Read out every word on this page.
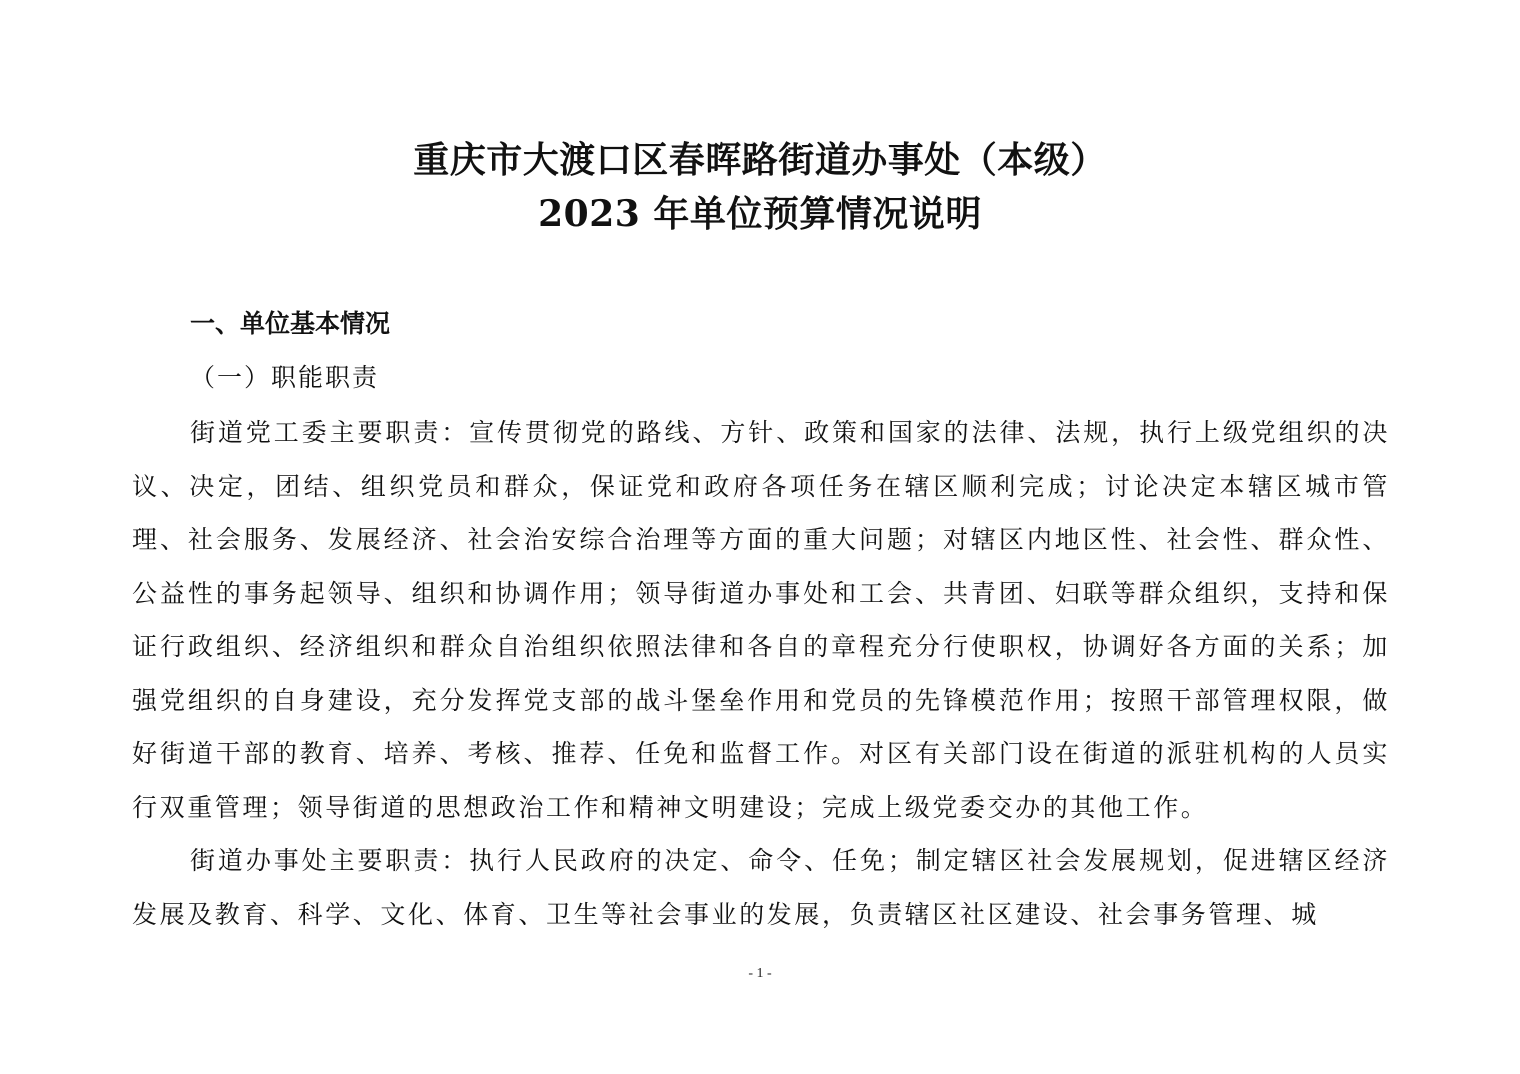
重庆市大渡口区春晖路街道办事处（本级）
2023 年单位预算情况说明
一、单位基本情况
（一）职能职责

街道党工委主要职责：宣传贯彻党的路线、方针、政策和国家的法律、法规，执行上级党组织的决议、决定，团结、组织党员和群众，保证党和政府各项任务在辖区顺利完成；讨论决定本辖区城市管理、社会服务、发展经济、社会治安综合治理等方面的重大问题；对辖区内地区性、社会性、群众性、公益性的事务起领导、组织和协调作用；领导街道办事处和工会、共青团、妇联等群众组织，支持和保证行政组织、经济组织和群众自治组织依照法律和各自的章程充分行使职权，协调好各方面的关系；加强党组织的自身建设，充分发挥党支部的战斗堡垒作用和党员的先锋模范作用；按照干部管理权限，做好街道干部的教育、培养、考核、推荐、任免和监督工作。对区有关部门设在街道的派驻机构的人员实行双重管理；领导街道的思想政治工作和精神文明建设；完成上级党委交办的其他工作。

街道办事处主要职责：执行人民政府的决定、命令、任免；制定辖区社会发展规划，促进辖区经济发展及教育、科学、文化、体育、卫生等社会事业的发展，负责辖区社区建设、社会事务管理、城

- 1 -
